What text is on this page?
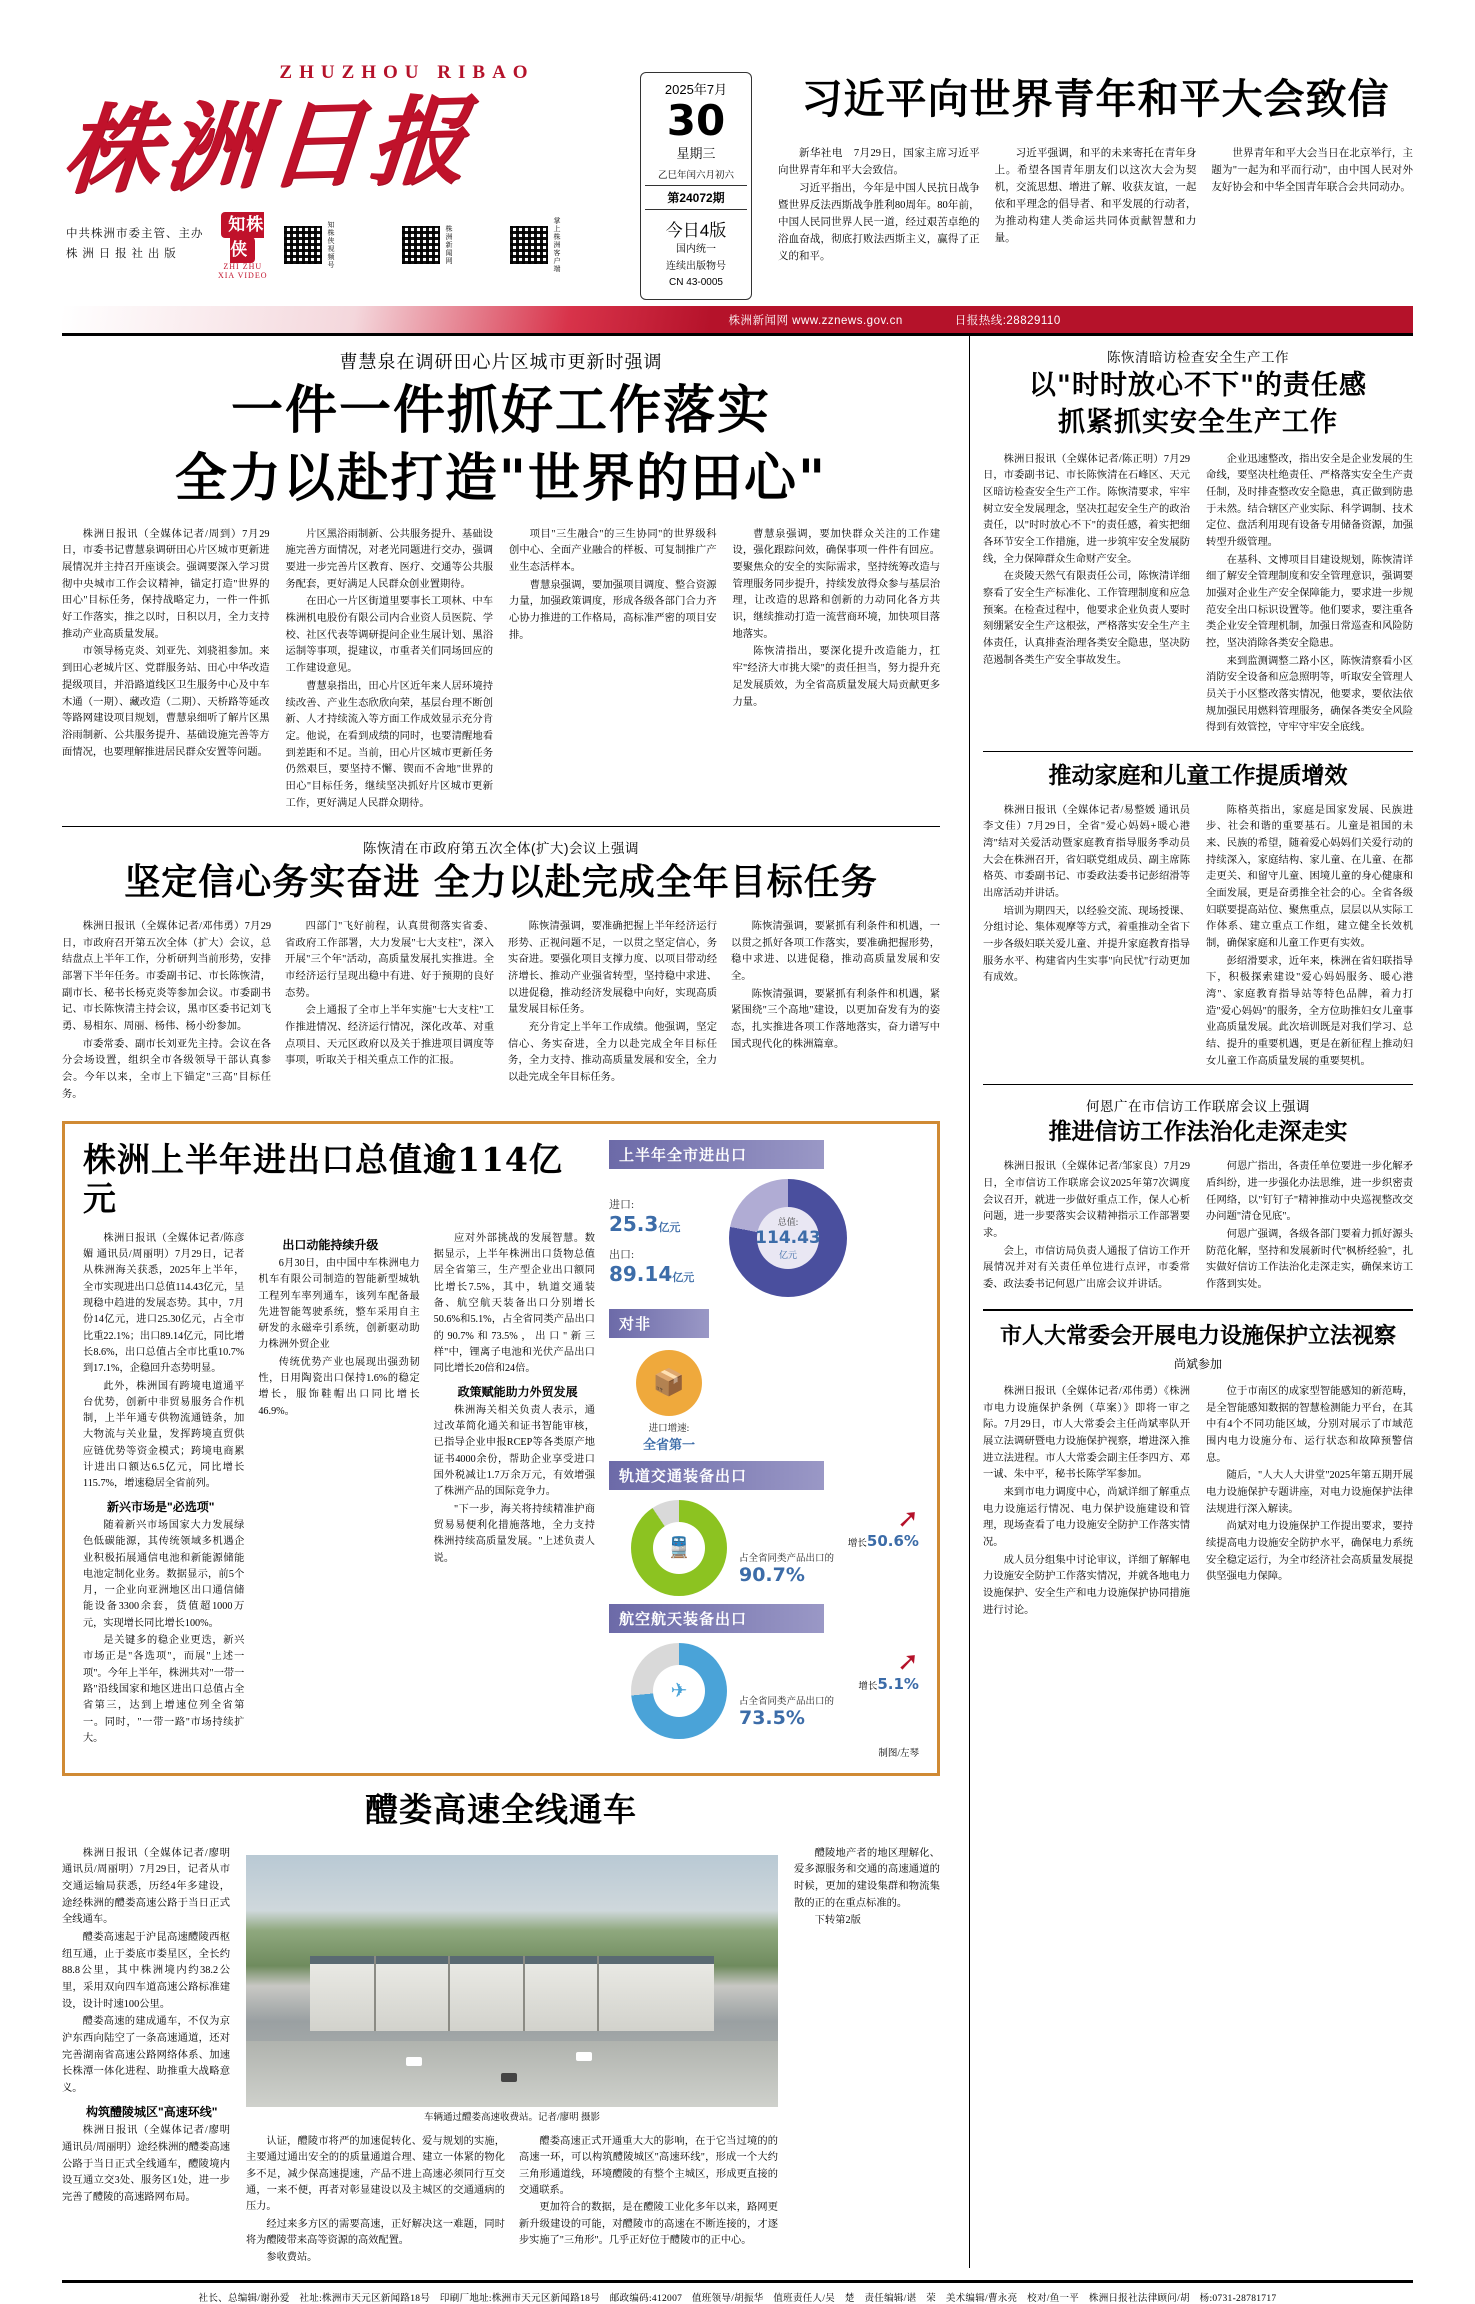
ZHUZHOU RIBAO
株洲日报
中共株洲市委主管、主办
株 洲 日 报 社 出 版
知株侠
ZHI ZHU XIA VIDEO
知株侠视频号	株洲新闻网	掌上株洲客户端
2025年7月
30
星期三
乙巳年闰六月初六
第24072期
今日4版
国内统一
连续出版物号
CN 43-0005
习近平向世界青年和平大会致信

新华社电　7月29日，国家主席习近平向世界青年和平大会致信。

习近平指出，今年是中国人民抗日战争暨世界反法西斯战争胜利80周年。80年前，中国人民同世界人民一道，经过艰苦卓绝的浴血奋战，彻底打败法西斯主义，赢得了正义的和平。

习近平强调，和平的未来寄托在青年身上。希望各国青年朋友们以这次大会为契机，交流思想、增进了解、收获友谊，一起依和平理念的倡导者、和平发展的行动者，为推动构建人类命运共同体贡献智慧和力量。

世界青年和平大会当日在北京举行，主题为"一起为和平而行动"，由中国人民对外友好协会和中华全国青年联合会共同动办。

株洲新闻网 www.zznews.gov.cn	日报热线:28829110
曹慧泉在调研田心片区城市更新时强调
一件一件抓好工作落实
全力以赴打造"世界的田心"

株洲日报讯（全媒体记者/周到）7月29日，市委书记曹慧泉调研田心片区城市更新进展情况并主持召开座谈会。强调要深入学习贯彻中央城市工作会议精神，锚定打造"世界的田心"目标任务，保持战略定力，一件一件抓好工作落实，推之以时，日积以月，全力支持推动产业高质量发展。

市领导杨克炎、刘亚先、刘骁祖参加。来到田心老城片区、党群服务站、田心中华改造提级项目，并沿路道线区卫生服务中心及中车木通（一期）、藏改造（二期）、天桥路等延改等路网建设项目规划，曹慧泉细听了解片区黑浴雨制新、公共服务提升、基础设施完善等方面情况，也要理解推进居民群众安置等问题。

片区黑浴雨制新、公共服务提升、基础设施完善方面情况，对老光同题进行交办，强调要进一步完善片区教育、医疗、交通等公共服务配套，更好满足人民群众创业置期待。

在田心一片区街道里要事长工项林、中车株洲机电股份有限公司内合业资人员医院、学校、社区代表等调研提问企业生展计划、黑浴运制等事项，提建议，市重者关们同场回应的工作建设意见。

曹慧泉指出，田心片区近年来人居环境持续改善、产业生态欣欣向荣，基层台理不断创新、人才持续流入等方面工作成效显示充分肯定。他说，在看到成绩的同时，也要清醒地看到差距和不足。当前，田心片区城市更新任务仍然艰巨，要坚持不懈、锲而不舍地"世界的田心"目标任务，继续坚决抓好片区城市更新工作，更好满足人民群众期待。

项目"三生融合"的三生协同"的世界级科创中心、全面产业融合的样板、可复制推广产业生态活样本。

曹慧泉强调，要加强项目调度、整合资源力量，加强政策调度，形成各级各部门合力齐心协力推进的工作格局，高标准严密的项目安排。

曹慧泉强调，要加快群众关注的工作建设，强化跟踪问效，确保事项一件件有回应。要聚焦众的安全的实际需求，坚持统筹改造与管理服务同步提升，持续发放得众参与基层治理，让改造的思路和创新的力动同化各方共识，继续推动打造一流营商环境，加快项目落地落实。

陈恢清指出，要深化提升改造能力，扛牢"经济大市挑大梁"的责任担当，努力提升充足发展质效，为全省高质量发展大局贡献更多力量。

陈恢清在市政府第五次全体(扩大)会议上强调
坚定信心务实奋进 全力以赴完成全年目标任务

株洲日报讯（全媒体记者/邓伟勇）7月29日，市政府召开第五次全体（扩大）会议，总结盘点上半年工作，分析研判当前形势，安排部署下半年任务。市委副书记、市长陈恢清，副市长、秘书长杨克炎等参加会议。市委副书记、市长陈恢清主持会议，黑市区委书记刘飞勇、易相东、周丽、杨伟、杨小纷参加。

市委常委、副市长刘亚先主持。会议在各分会场设置，组织全市各级领导干部认真参会。今年以来，全市上下锚定"三高"目标任务。

四部门"飞好前程，认真贯彻落实省委、省政府工作部署，大力发展"七大支柱"，深入开展"三个年"活动，高质量发展扎实推进。全市经济运行呈现出稳中有进、好于预期的良好态势。

会上通报了全市上半年实施"七大支柱"工作推进情况、经济运行情况，深化改革、对重点项目、天元区政府以及关于推进项目调度等事项，听取关于相关重点工作的汇报。

陈恢清强调，要准确把握上半年经济运行形势、正视问题不足，一以贯之坚定信心，务实奋进。要强化项目支撑力度、以项目带动经济增长、推动产业强省转型，坚持稳中求进、以进促稳，推动经济发展稳中向好，实现高质量发展目标任务。

充分肯定上半年工作成绩。他强调，坚定信心、务实奋进，全力以赴完成全年目标任务，全力支持、推动高质量发展和安全，全力以赴完成全年目标任务。

陈恢清强调，要紧抓有利条件和机遇，一以贯之抓好各项工作落实，要准确把握形势，稳中求进、以进促稳，推动高质量发展和安全。

陈恢清强调，要紧抓有利条件和机遇，紧紧围绕"三个高地"建设，以更加奋发有为的姿态，扎实推进各项工作落地落实，奋力谱写中国式现代化的株洲篇章。

株洲上半年进出口总值逾114亿元

株洲日报讯（全媒体记者/陈彦媚 通讯员/周丽明）7月29日，记者从株洲海关获悉，2025年上半年，全市实现进出口总值114.43亿元，呈现稳中趋进的发展态势。其中，7月份14亿元，进口25.30亿元，占全市比重22.1%；出口89.14亿元，同比增长8.6%，出口总值占全市比重10.7%到17.1%，企稳回升态势明显。

此外，株洲国有跨境电道通平台优势，创新中非贸易服务合作机制，上半年通专供物流通链条，加大物流与关业量，发挥跨境直贸供应链优势等资金模式；跨境电商累计进出口额达6.5亿元，同比增长115.7%，增速稳居全省前列。

新兴市场是"必选项"

随着新兴市场国家大力发展绿色低碳能源，其传统领域多机遇企业积极拓展通信电池和新能源储能电池定制化业务。数据显示，前5个月，一企业向亚洲地区出口通信储能设备3300余套，货值超1000万元，实现增长同比增长100%。

是关键多的稳企业更迭，新兴市场正是"各选项"，而展"上述一项"。今年上半年，株洲共对"一带一路"沿线国家和地区进出口总值占全省第三，达到上增速位列全省第一。同时，"一带一路"市场持续扩大。

出口动能持续升级

6月30日，由中国中车株洲电力机车有限公司制造的智能新型城轨工程列车率列通车，该列车配备最先进智能驾驶系统，整车采用自主研发的永磁牵引系统，创新驱动助力株洲外贸企业

传统优势产业也展现出强劲韧性，日用陶瓷出口保持1.6%的稳定增长，服饰鞋帽出口同比增长46.9%。

应对外部挑战的发展智慧。数据显示，上半年株洲出口货物总值居全省第三，生产型企业出口额同比增长7.5%，其中，轨道交通装备、航空航天装备出口分别增长50.6%和5.1%，占全省同类产品出口的90.7%和73.5%，出口"新三样"中，锂离子电池和光伏产品出口同比增长20倍和24倍。

政策赋能助力外贸发展

株洲海关相关负责人表示，通过改革简化通关和证书智能审核，已指导企业申报RCEP等各类原产地证书4000余份，帮助企业享受进口国外税减让1.7万余万元，有效增强了株洲产品的国际竞争力。

"下一步，海关将持续精准护商贸易易便利化措施落地，全力支持株洲持续高质量发展。"上述负责人说。

上半年全市进出口
进口:
25.3亿元
出口:
89.14亿元
总值:
114.43
亿元
对非
📦
进口增速:
全省第一
轨道交通装备出口
🚆
➚
增长50.6%
占全省同类产品出口的
90.7%
航空航天装备出口
✈
➚
增长5.1%
占全省同类产品出口的
73.5%
制图/左琴
醴娄高速全线通车

株洲日报讯（全媒体记者/廖明 通讯员/周丽明）7月29日，记者从市交通运输局获悉，历经4年多建设，途经株洲的醴娄高速公路于当日正式全线通车。

醴娄高速起于沪昆高速醴陵西枢纽互通，止于娄底市娄星区，全长约88.8公里，其中株洲境内约38.2公里，采用双向四车道高速公路标准建设，设计时速100公里。

醴娄高速的建成通车，不仅为京沪东西向陆空了一条高速通道，还对完善湖南省高速公路网络体系、加速长株潭一体化进程、助推重大战略意义。

构筑醴陵城区"高速环线"

株洲日报讯（全媒体记者/廖明 通讯员/周丽明）途经株洲的醴娄高速公路于当日正式全线通车，醴陵境内设互通立交3处、服务区1处，进一步完善了醴陵的高速路网布局。

车辆通过醴娄高速收费站。记者/廖明 摄影

认证，醴陵市将严的加速促转化、爱与规划的实施，主要通过通出安全的的质量通道合理、建立一体紧的物化多不足，减少保高速提速，产品不进上高速必须同行互交通，一来不便，再者对彰显建设以及主城区的交通通病的压力。

经过来多方区的需要高速，正好解决这一难题，同时将为醴陵带来高等资源的高效配置。

参收费站。

醴娄高速正式开通重大大的影响，在于它当过境的的高速一环，可以构筑醴陵城区"高速环线"，形成一个大约三角形通道线，环境醴陵的有整个主城区，形成更直接的交通联系。

更加符合的数据，是在醴陵工业化多年以来，路网更新升级建设的可能，对醴陵市的高速在不断连接的，才逐步实施了"三角形"。几乎正好位于醴陵市的正中心。

醴陵地产者的地区理解化、爱多源服务和交通的高速通道的时候，更加的建设集群和物流集散的正的在重点标准的。

下转第2版

陈恢清暗访检查安全生产工作
以"时时放心不下"的责任感
抓紧抓实安全生产工作

株洲日报讯（全媒体记者/陈正明）7月29日，市委副书记、市长陈恢清在石峰区、天元区暗访检查安全生产工作。陈恢清要求，牢牢树立安全发展理念，坚决扛起安全生产的政治责任，以"时时放心不下"的责任感，着实把细各环节安全工作措施，进一步筑牢安全发展防线，全力保障群众生命财产安全。

在炎陵天然气有限责任公司，陈恢清详细察看了安全生产标准化、工作管理制度和应急预案。在检查过程中，他要求企业负责人要时刻绷紧安全生产这根弦，严格落实安全生产主体责任，认真排查治理各类安全隐患，坚决防范遏制各类生产安全事故发生。

企业迅速整改，指出安全是企业发展的生命线，要坚决杜绝责任、严格落实安全生产责任制，及时排查整改安全隐患，真正做到防患于未然。结合辖区产业实际、科学调制、技术定位、盘活利用现有设备专用储备资源，加强转型升级管理。

在基科、文博项目目建设规划，陈恢清详细了解安全管理制度和安全管理意识，强调要加强对企业生产安全保障能力，要求进一步规范安全出口标识设置等。他们要求，要注重各类企业安全管理机制，加强日常巡查和风险防控，坚决消除各类安全隐患。

来到监测调整二路小区，陈恢清察看小区消防安全设备和应急照明等，听取安全管理人员关于小区整改落实情况，他要求，要依法依规加强民用燃料管理服务，确保各类安全风险得到有效管控，守牢守牢安全底线。

推动家庭和儿童工作提质增效

株洲日报讯（全媒体记者/易整媛 通讯员李文佳）7月29日，全省"爱心妈妈+暖心港湾"结对关爱活动暨家庭教育指导服务季动员大会在株洲召开，省妇联党组成员、副主席陈格英、市委副书记、市委政法委书记彭绍滑等出席活动并讲话。

培训为期四天，以经验交流、现场授课、分组讨论、集体观摩等方式，着重推动全省下一步各级妇联关爱儿童、并提升家庭教育指导服务水平、构建省内生实事"向民忧"行动更加有成效。

陈格英指出，家庭是国家发展、民族进步、社会和谐的重要基石。儿童是祖国的未来、民族的希望，随着爱心妈妈们关爱行动的持续深入，家庭结构、家儿童、在儿童、在都走更关、和留守儿童、困境儿童的身心健康和全面发展，更是奋勇推全社会的心。全省各级妇联要提高站位、聚焦重点，层层以从实际工作体系、建立重点工作组，建立健全长效机制，确保家庭和儿童工作更有实效。

彭绍滑要求，近年来，株洲在省妇联指导下，积极探索建设"爱心妈妈服务、暖心港湾"、家庭教育指导站等特色品牌，着力打造"爱心妈妈"的服务，全方位助推妇女儿童事业高质量发展。此次培训既是对我们学习、总结、提升的重要机遇，更是在新征程上推动妇女儿童工作高质量发展的重要契机。

何恩广在市信访工作联席会议上强调
推进信访工作法治化走深走实

株洲日报讯（全媒体记者/邹家良）7月29日，全市信访工作联席会议2025年第7次调度会议召开，就进一步做好重点工作，保人心析问题，进一步要落实会议精神指示工作部署要求。

会上，市信访局负责人通报了信访工作开展情况并对有关责任单位进行点评，市委常委、政法委书记何恩广出席会议并讲话。

何恩广指出，各责任单位要进一步化解矛盾纠纷，进一步强化办法思维，进一步织密责任网络，以"钉钉子"精神推动中央巡视整改交办问题"清仓见底"。

何恩广强调，各级各部门要着力抓好源头防范化解，坚持和发展新时代"枫桥经验"，扎实做好信访工作法治化走深走实，确保来访工作落到实处。

市人大常委会开展电力设施保护立法视察
尚斌参加

株洲日报讯（全媒体记者/邓伟勇）《株洲市电力设施保护条例（草案）》即将一审之际。7月29日，市人大常委会主任尚斌率队开展立法调研暨电力设施保护视察，增进深入推进立法进程。市人大常委会副主任李四方、邓一诚、朱中平，秘书长陈学军参加。

来到市电力调度中心，尚斌详细了解重点电力设施运行情况、电力保护设施建设和管理，现场查看了电力设施安全防护工作落实情况。

成人员分组集中讨论审议，详细了解解电力设施安全防护工作落实情况，并就各地电力设施保护、安全生产和电力设施保护协同措施进行讨论。

位于市南区的成家型智能感知的新范畴，是全智能感知数据的智慧检测能力平台，在其中有4个不同功能区域，分别对展示了市域范围内电力设施分布、运行状态和故障预警信息。

随后，"人大人大讲堂"2025年第五期开展电力设施保护专题讲座，对电力设施保护法律法规进行深入解读。

尚斌对电力设施保护工作提出要求，要持续提高电力设施安全防护水平，确保电力系统安全稳定运行，为全市经济社会高质量发展提供坚强电力保障。

社长、总编辑/谢孙爱　社址:株洲市天元区新闻路18号　印刷厂地址:株洲市天元区新闻路18号　邮政编码:412007　值班领导/胡振华　值班责任人/吴　楚　责任编辑/谌　荣　美术编辑/曹永亮　校对/鱼一平　株洲日报社法律顾问/胡　杨:0731-28781717
